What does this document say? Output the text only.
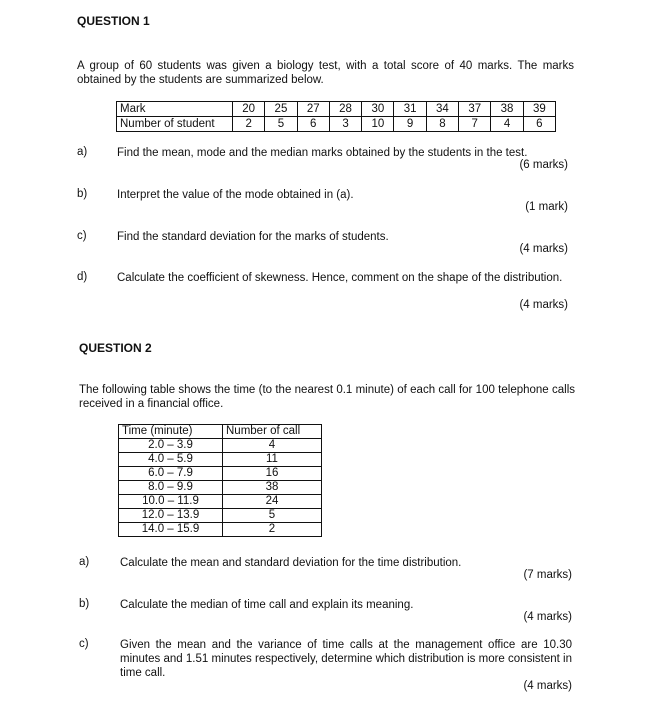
QUESTION 1
A group of 60 students was given a biology test, with a total score of 40 marks. The marks obtained by the students are summarized below.
Mark	20	25	27	28	30	31	34	37	38	39
Number of student	2	5	6	3	10	9	8	7	4	6
a)	Find the mean, mode and the median marks obtained by the students in the test.
(6 marks)
b)	Interpret the value of the mode obtained in (a).
(1 mark)
c)	Find the standard deviation for the marks of students.
(4 marks)
d)	Calculate the coefficient of skewness. Hence, comment on the shape of the distribution.
(4 marks)
QUESTION 2
The following table shows the time (to the nearest 0.1 minute) of each call for 100 telephone calls received in a financial office.
Time (minute)	Number of call
2.0 – 3.9	4
4.0 – 5.9	11
6.0 – 7.9	16
8.0 – 9.9	38
10.0 – 11.9	24
12.0 – 13.9	5
14.0 – 15.9	2
a)	Calculate the mean and standard deviation for the time distribution.
(7 marks)
b)	Calculate the median of time call and explain its meaning.
(4 marks)
c)	Given the mean and the variance of time calls at the management office are 10.30 minutes and 1.51 minutes respectively, determine which distribution is more consistent in time call.
(4 marks)
